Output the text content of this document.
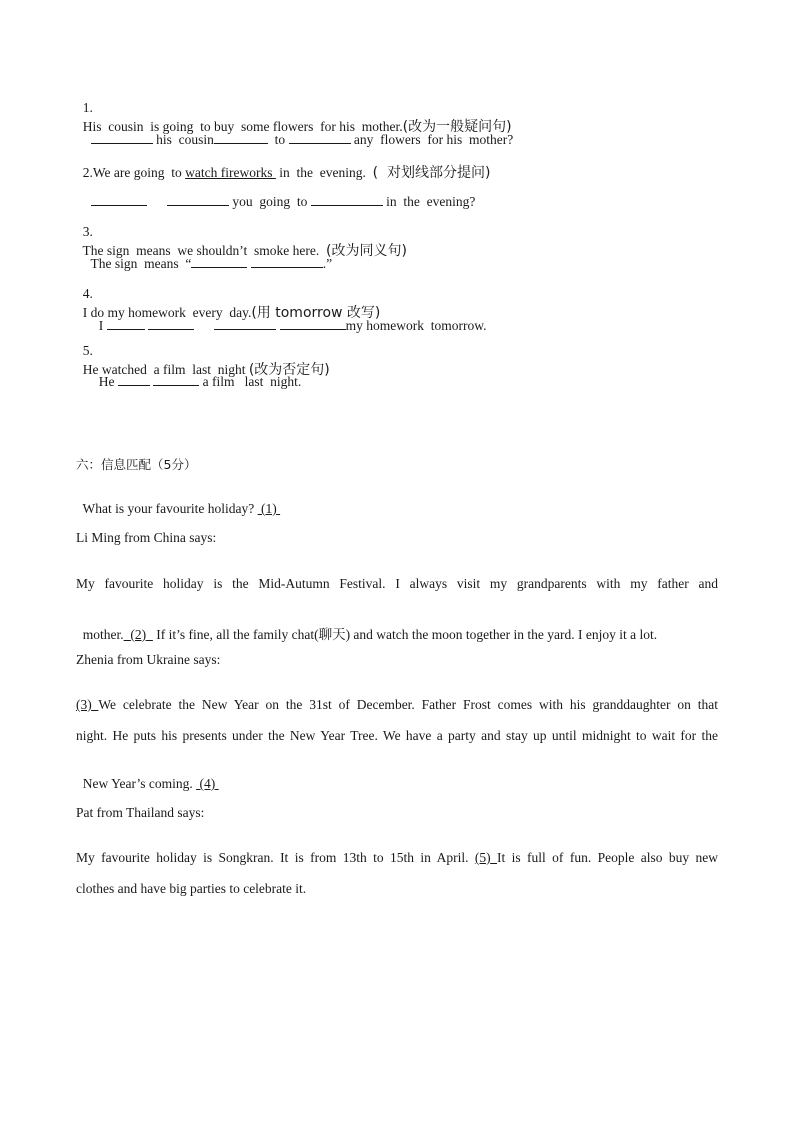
1.
His  cousin  is going  to buy  some flowers  for his  mother.(改为一般疑问句)

his  cousin	to	any  flowers  for his  mother?

2.We are going  to watch fireworks  in  the  evening. (  对划线部分提问)

you  going  to	in  the  evening?

3.
The sign  means  we shouldn’t  smoke here. (改为同义句)

The sign  means  “	.”

4.
I do my homework  every  day.(用 tomorrow 改写)

I	my homework  tomorrow.

5.
He watched  a film  last  night (改为否定句)

He	a film   last  night.

六：信息匹配（5分）

What is your favourite holiday?  (1)

Li Ming from China says:
My favourite holiday is the Mid-Autumn Festival. I always visit my grandparents with my father and

mother. (2)   If it’s fine, all the family chat(聊天) and watch the moon together in the yard. I enjoy it a lot.

Zhenia from Ukraine says:
(3) We celebrate the New Year on the 31st of December. Father Frost comes with his granddaughter on that
night. He puts his presents under the New Year Tree. We have a party and stay up until midnight to wait for the

New Year’s coming.  (4)

Pat from Thailand says:
My favourite holiday is Songkran. It is from 13th to 15th in April. (5) It is full of fun. People also buy new
clothes and have big parties to celebrate it.
